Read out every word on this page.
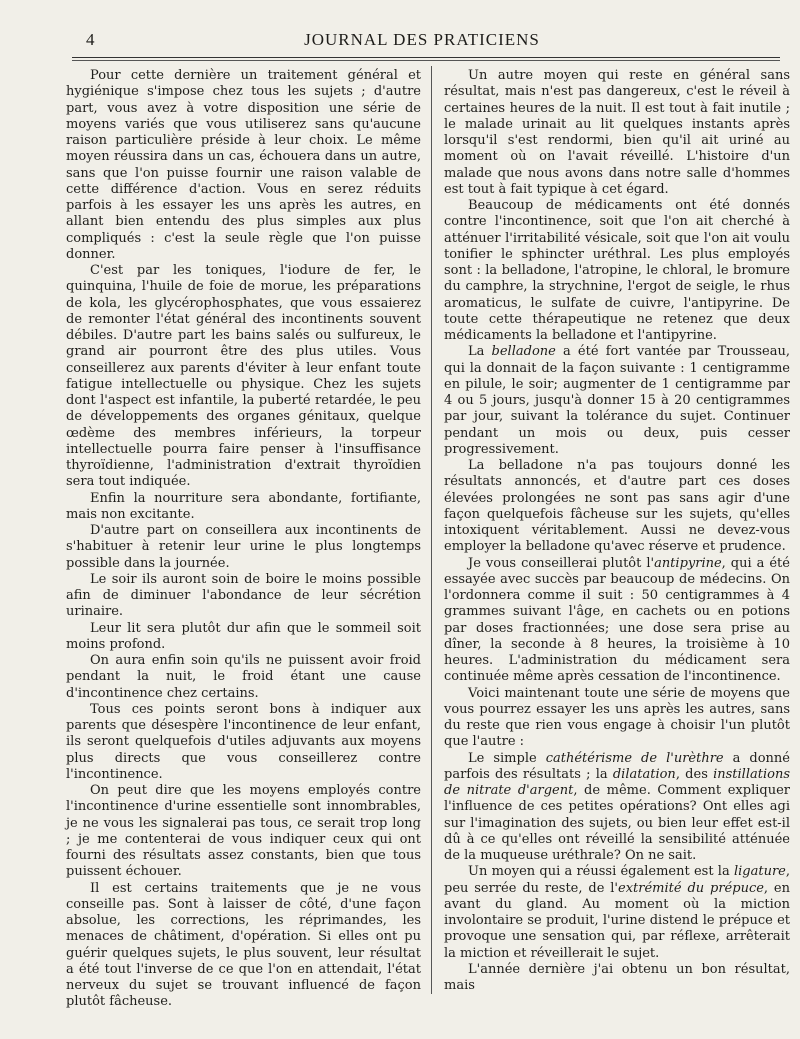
4	JOURNAL DES PRATICIENS

Pour cette dernière un traitement général et hygiénique s'impose chez tous les sujets ; d'autre part, vous avez à votre disposition une série de moyens variés que vous utiliserez sans qu'aucune raison particulière préside à leur choix. Le même moyen réussira dans un cas, échouera dans un autre, sans que l'on puisse fournir une raison valable de cette différence d'action. Vous en serez réduits parfois à les essayer les uns après les autres, en allant bien entendu des plus simples aux plus compliqués : c'est la seule règle que l'on puisse donner.

C'est par les toniques, l'iodure de fer, le quinquina, l'huile de foie de morue, les préparations de kola, les glycérophosphates, que vous essaierez de remonter l'état général des incontinents souvent débiles. D'autre part les bains salés ou sulfureux, le grand air pourront être des plus utiles. Vous conseillerez aux parents d'éviter à leur enfant toute fatigue intellectuelle ou physique. Chez les sujets dont l'aspect est infantile, la puberté retardée, le peu de développements des organes génitaux, quelque œdème des membres inférieurs, la torpeur intellectuelle pourra faire penser à l'insuffisance thyroïdienne, l'administration d'extrait thyroïdien sera tout indiquée.

Enfin la nourriture sera abondante, fortifiante, mais non excitante.

D'autre part on conseillera aux incontinents de s'habituer à retenir leur urine le plus longtemps possible dans la journée.

Le soir ils auront soin de boire le moins possible afin de diminuer l'abondance de leur sécrétion urinaire.

Leur lit sera plutôt dur afin que le sommeil soit moins profond.

On aura enfin soin qu'ils ne puissent avoir froid pendant la nuit, le froid étant une cause d'incontinence chez certains.

Tous ces points seront bons à indiquer aux parents que désespère l'incontinence de leur enfant, ils seront quelquefois d'utiles adjuvants aux moyens plus directs que vous conseillerez contre l'incontinence.

On peut dire que les moyens employés contre l'incontinence d'urine essentielle sont innombrables, je ne vous les signalerai pas tous, ce serait trop long ; je me contenterai de vous indiquer ceux qui ont fourni des résultats assez constants, bien que tous puissent échouer.

Il est certains traitements que je ne vous conseille pas. Sont à laisser de côté, d'une façon absolue, les corrections, les réprimandes, les menaces de châtiment, d'opération. Si elles ont pu guérir quelques sujets, le plus souvent, leur résultat a été tout l'inverse de ce que l'on en attendait, l'état nerveux du sujet se trouvant influencé de façon plutôt fâcheuse.

Un autre moyen qui reste en général sans résultat, mais n'est pas dangereux, c'est le réveil à certaines heures de la nuit. Il est tout à fait inutile ; le malade urinait au lit quelques instants après lorsqu'il s'est rendormi, bien qu'il ait uriné au moment où on l'avait réveillé. L'histoire d'un malade que nous avons dans notre salle d'hommes est tout à fait typique à cet égard.

Beaucoup de médicaments ont été donnés contre l'incontinence, soit que l'on ait cherché à atténuer l'irritabilité vésicale, soit que l'on ait voulu tonifier le sphincter uréthral. Les plus employés sont : la belladone, l'atropine, le chloral, le bromure du camphre, la strychnine, l'ergot de seigle, le rhus aromaticus, le sulfate de cuivre, l'antipyrine. De toute cette thérapeutique ne retenez que deux médicaments la belladone et l'antipyrine.

La belladone a été fort vantée par Trousseau, qui la donnait de la façon suivante : 1 centigramme en pilule, le soir; augmenter de 1 centigramme par 4 ou 5 jours, jusqu'à donner 15 à 20 centigrammes par jour, suivant la tolérance du sujet. Continuer pendant un mois ou deux, puis cesser progressivement.

La belladone n'a pas toujours donné les résultats annoncés, et d'autre part ces doses élevées prolongées ne sont pas sans agir d'une façon quelquefois fâcheuse sur les sujets, qu'elles intoxiquent véritablement. Aussi ne devez-vous employer la belladone qu'avec réserve et prudence.

Je vous conseillerai plutôt l'antipyrine, qui a été essayée avec succès par beaucoup de médecins. On l'ordonnera comme il suit : 50 centigrammes à 4 grammes suivant l'âge, en cachets ou en potions par doses fractionnées; une dose sera prise au dîner, la seconde à 8 heures, la troisième à 10 heures. L'administration du médicament sera continuée même après cessation de l'incontinence.

Voici maintenant toute une série de moyens que vous pourrez essayer les uns après les autres, sans du reste que rien vous engage à choisir l'un plutôt que l'autre :

Le simple cathétérisme de l'urèthre a donné parfois des résultats ; la dilatation, des instillations de nitrate d'argent, de même. Comment expliquer l'influence de ces petites opérations? Ont elles agi sur l'imagination des sujets, ou bien leur effet est-il dû à ce qu'elles ont réveillé la sensibilité atténuée de la muqueuse uréthrale? On ne sait.

Un moyen qui a réussi également est la ligature, peu serrée du reste, de l'extrémité du prépuce, en avant du gland. Au moment où la miction involontaire se produit, l'urine distend le prépuce et provoque une sensation qui, par réflexe, arrêterait la miction et réveillerait le sujet.

L'année dernière j'ai obtenu un bon résultat, mais
